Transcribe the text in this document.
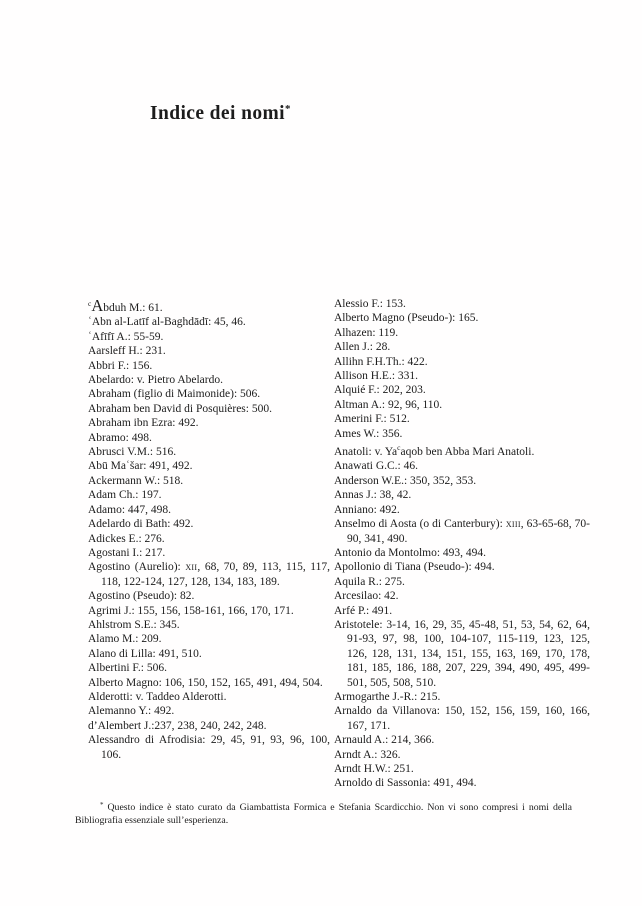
Indice dei nomi*

$^c$Abduh M.: 61.

ʿAbn al-Latīf al-Baghdādī: 45, 46.

ʿAfīfī A.: 55-59.

Aarsleff H.: 231.

Abbri F.: 156.

Abelardo: v. Pietro Abelardo.

Abraham (figlio di Maimonide): 506.

Abraham ben David di Posquières: 500.

Abraham ibn Ezra: 492.

Abramo: 498.

Abrusci V.M.: 516.

Abū Maʿšar: 491, 492.

Ackermann W.: 518.

Adam Ch.: 197.

Adamo: 447, 498.

Adelardo di Bath: 492.

Adickes E.: 276.

Agostani I.: 217.

Agostino (Aurelio): xii, 68, 70, 89, 113, 115, 117, 118, 122-124, 127, 128, 134, 183, 189.

Agostino (Pseudo): 82.

Agrimi J.: 155, 156, 158-161, 166, 170, 171.

Ahlstrom S.E.: 345.

Alamo M.: 209.

Alano di Lilla: 491, 510.

Albertini F.: 506.

Alberto Magno: 106, 150, 152, 165, 491, 494, 504.

Alderotti: v. Taddeo Alderotti.

Alemanno Y.: 492.

d’Alembert J.:237, 238, 240, 242, 248.

Alessandro di Afrodisia: 29, 45, 91, 93, 96, 100, 106.

Alessio F.: 153.

Alberto Magno (Pseudo-): 165.

Alhazen: 119.

Allen J.: 28.

Allihn F.H.Th.: 422.

Allison H.E.: 331.

Alquié F.: 202, 203.

Altman A.: 92, 96, 110.

Amerini F.: 512.

Ames W.: 356.

Anatoli: v. Ya$^c$aqob ben Abba Mari Anatoli.

Anawati G.C.: 46.

Anderson W.E.: 350, 352, 353.

Annas J.: 38, 42.

Anniano: 492.

Anselmo di Aosta (o di Canterbury): xiii, 63-65-68, 70-90, 341, 490.

Antonio da Montolmo: 493, 494.

Apollonio di Tiana (Pseudo-): 494.

Aquila R.: 275.

Arcesilao: 42.

Arfé P.: 491.

Aristotele: 3-14, 16, 29, 35, 45-48, 51, 53, 54, 62, 64, 91-93, 97, 98, 100, 104-107, 115-119, 123, 125, 126, 128, 131, 134, 151, 155, 163, 169, 170, 178, 181, 185, 186, 188, 207, 229, 394, 490, 495, 499-501, 505, 508, 510.

Armogarthe J.-R.: 215.

Arnaldo da Villanova: 150, 152, 156, 159, 160, 166, 167, 171.

Arnauld A.: 214, 366.

Arndt A.: 326.

Arndt H.W.: 251.

Arnoldo di Sassonia: 491, 494.

* Questo indice è stato curato da Giambattista Formica e Stefania Scardicchio. Non vi sono compresi i nomi della Bibliografia essenziale sull’esperienza.
